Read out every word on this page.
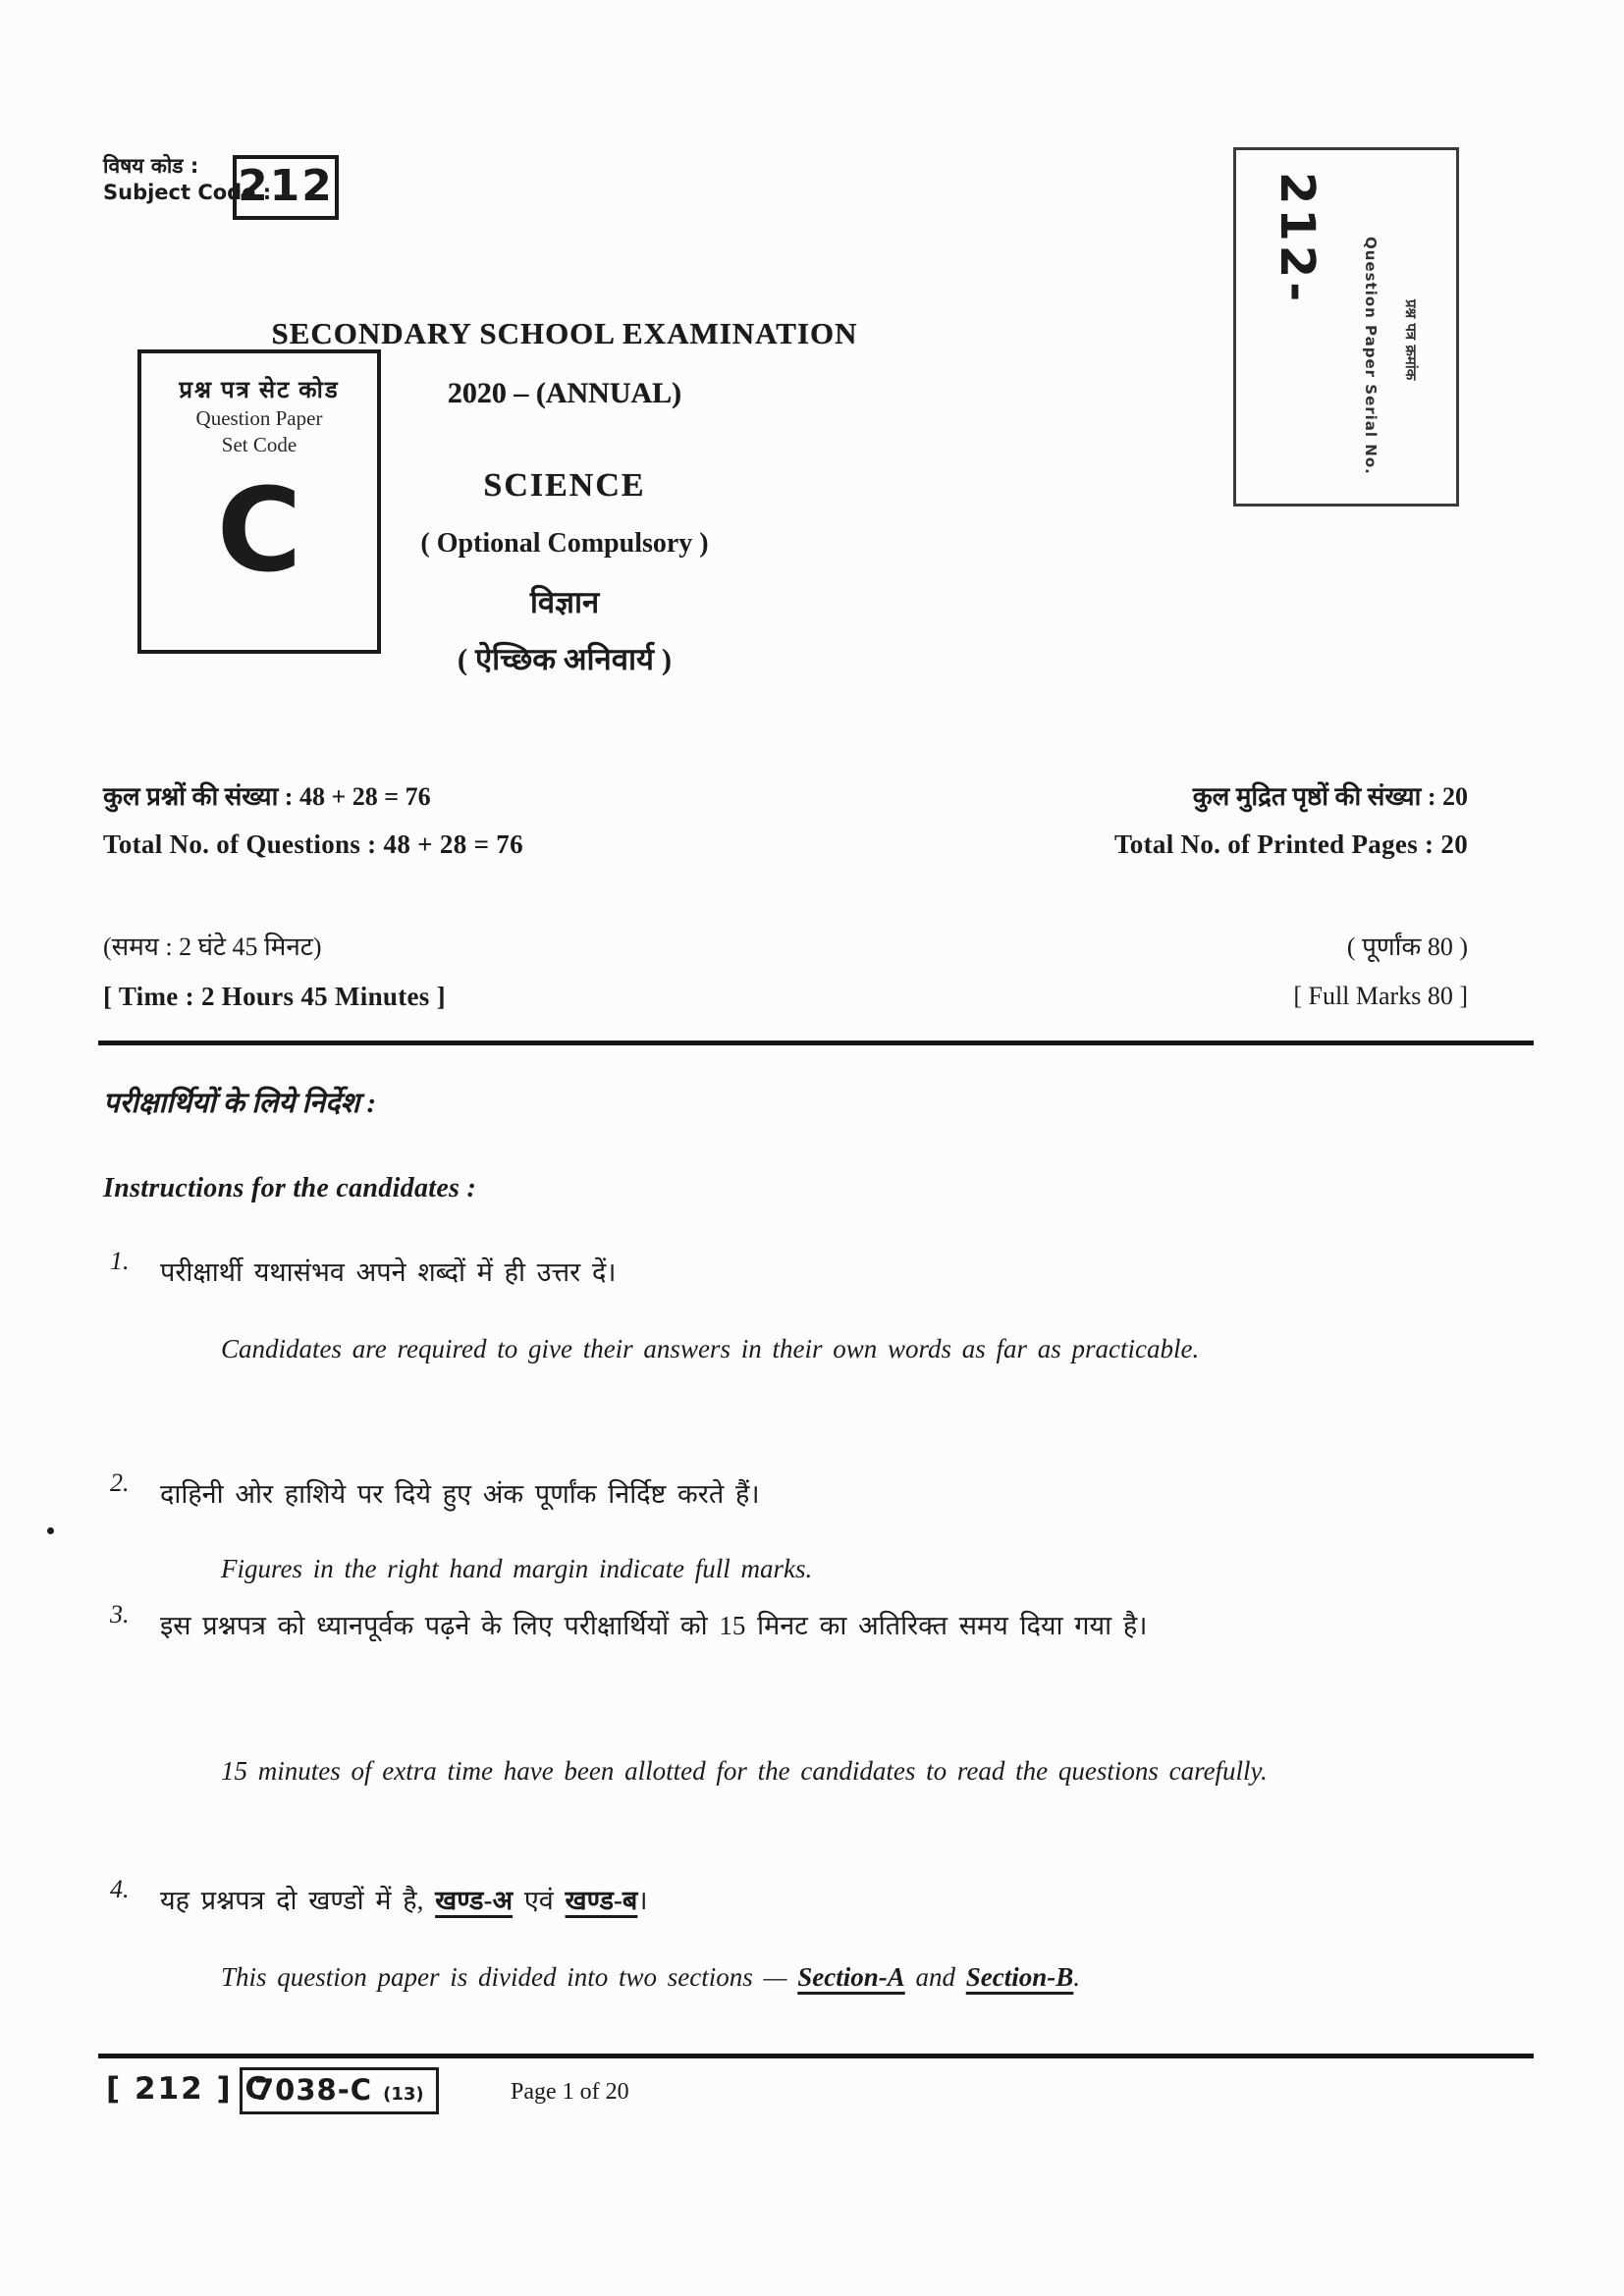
विषय कोड :
Subject Code :
212
प्रश्न पत्र सेट कोड
Question Paper
Set Code
C
SECONDARY SCHOOL EXAMINATION
2020 – (ANNUAL)
SCIENCE
( Optional Compulsory )
विज्ञान
( ऐच्छिक अनिवार्य )
212-	Question Paper Serial No. प्रश्न पत्र क्रमांक
कुल प्रश्नों की संख्या : 48 + 28 = 76
Total No. of Questions : 48 + 28 = 76
कुल मुद्रित पृष्ठों की संख्या : 20
Total No. of Printed Pages : 20
(समय : 2 घंटे 45 मिनट)
[ Time : 2 Hours 45 Minutes ]
( पूर्णांक 80 )
[ Full Marks 80 ]
परीक्षार्थियों के लिये निर्देश :
Instructions for the candidates :
1.	परीक्षार्थी यथासंभव अपने शब्दों में ही उत्तर दें।
Candidates are required to give their answers in their own words as far as practicable.
2.	दाहिनी ओर हाशिये पर दिये हुए अंक पूर्णांक निर्दिष्ट करते हैं।
Figures in the right hand margin indicate full marks.
3.	इस प्रश्नपत्र को ध्यानपूर्वक पढ़ने के लिए परीक्षार्थियों को 15 मिनट का अतिरिक्त समय दिया गया है।
15 minutes of extra time have been allotted for the candidates to read the questions carefully.
4.	यह प्रश्नपत्र दो खण्डों में है, खण्ड-अ एवं खण्ड-ब।
This question paper is divided into two sections — Section-A and Section-B.
[ 212 ] C
7038-C (13)	Page 1 of 20
